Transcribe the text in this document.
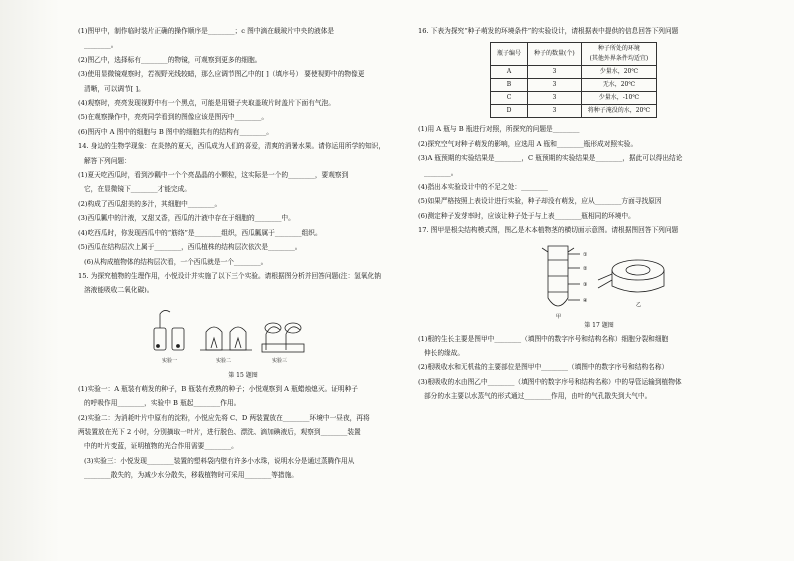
(1)图甲中，制作临时装片正确的操作顺序是________；c 图中滴在载玻片中央的液体是
________。
(2)图乙中，选择标有________的物镜，可观察到更多的细胞。
(3)使用显微镜观察时，若视野光线较暗，那么应调节图乙中的[ ]（填序号） 要使视野中的物像更
清晰，可以调节[ ]。
(4)观察时，亮亮发现视野中有一个黑点，可能是用镊子夹取盖玻片时盖片下面有气泡。
(5)在观察操作中，亮亮同学看到的图像应该是图丙中________。
(6)图丙中 A 图中的细胞与 B 图中的细胞共有的结构有________。
14. 身边的生物学现象：在炎热的夏天，西瓜成为人们的喜爱，清爽的消暑水果。请你运用所学的知识，
解答下列问题：
(1)夏天吃西瓜时，看到沙瓤中一个个亮晶晶的小颗粒，这实际是一个的________，要观察到
它，在显微镜下________才能完成。
(2)构成了西瓜甜美的多汁，其细胞中________。
(3)西瓜瓤中的汁液，又甜又香，西瓜的汁液中存在于细胞的________中。
(4)吃西瓜时，你发现西瓜中的“筋络”是________组织，西瓜瓤属于________组织。
(5)西瓜在结构层次上属于________，西瓜植株的结构层次依次是________。
(6)从构成植物体的结构层次看，一个西瓜就是一个________。
15. 为探究植物的生理作用，小悦设计并实施了以下三个实验。请根据图分析并回答问题(注：氢氧化钠
溶液能吸收二氧化碳)。
实验一	实验二	实验三
第 15 题图
(1)实验一：A 瓶装有萌发的种子，B 瓶装有煮熟的种子；小悦观察到 A 瓶蜡烛熄灭。证明种子
的呼吸作用________，实验中 B 瓶起________作用。
(2)实验二：为消耗叶片中原有的淀粉，小悦应先将 C、D 两装置放在________环境中一昼夜，再将
两装置放在光下 2 小时，分别摘取一叶片，进行脱色、漂洗、滴加碘液后，观察到________装置
中的叶片变蓝，证明植物的光合作用需要________。
(3)实验三：小悦发现________装置的塑料袋内壁有许多小水珠，说明水分是通过蒸腾作用从
________散失的，为减少水分散失，移栽植物时可采用________等措施。
16. 下表为探究“种子萌发的环境条件”的实验设计，请根据表中提供的信息回答下列问题
瓶子编号	种子的数量(个)	种子所处的环境
(其他外界条件均适宜)
A	3	少量水，20℃
B	3	无水，20℃
C	3	少量水，-10℃
D	3	将种子淹没的水，20℃
(1)用 A 瓶与 B 瓶进行对照，所探究的问题是________
(2)探究空气对种子萌发的影响，应选用 A 瓶和________瓶形成对照实验。
(3)A 瓶预期的实验结果是________，C 瓶预期的实验结果是________，据此可以得出结论
________。
(4)指出本实验设计中的不足之处：________
(5)如果严格按照上表设计进行实验，种子却没有萌发，应从________方面寻找原因
(6)测定种子发芽率时，应该让种子处于与上表________瓶相同的环境中。
17. 图甲是根尖结构模式图，图乙是木本植物茎的横切面示意图。请根据图回答下列问题
①
②
③
④
甲
乙
第 17 题图
(1)根的生长主要是图甲中________（填图中的数字序号和结构名称）细胞分裂和细胞
伸长的缘故。
(2)根吸收水和无机盐的主要部位是图甲中________（填图中的数字序号和结构名称）
(3)根吸收的水由图乙中________（填图中的数字序号和结构名称）中的导管运输到植物体
部分的水主要以水蒸气的形式通过________作用，由叶的气孔散失到大气中。
